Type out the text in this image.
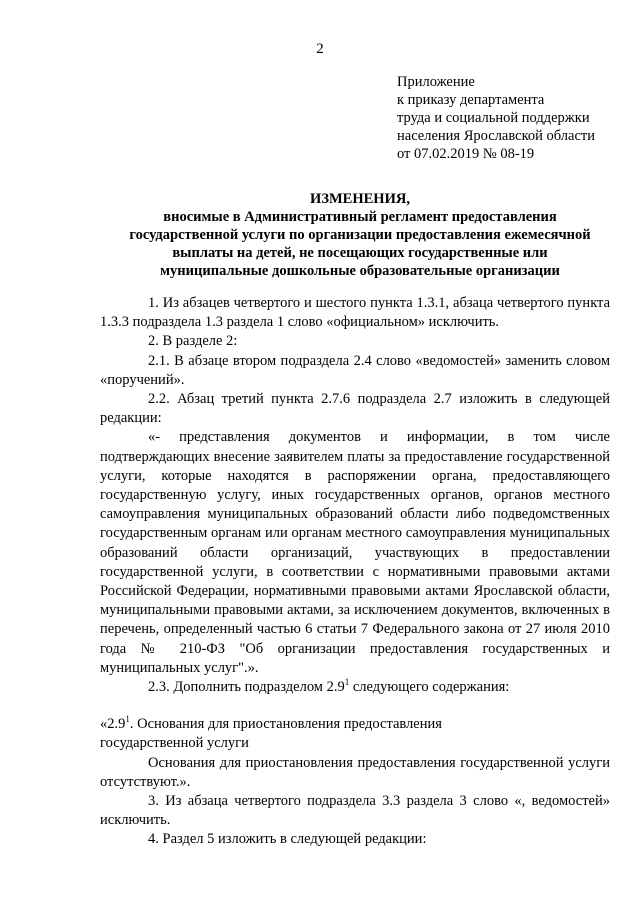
2
Приложение
к приказу департамента
труда и социальной поддержки
населения Ярославской области
от 07.02.2019 № 08-19
ИЗМЕНЕНИЯ,
вносимые в Административный регламент предоставления
государственной услуги по организации предоставления ежемесячной
выплаты на детей, не посещающих государственные или
муниципальные дошкольные образовательные организации

1. Из абзацев четвертого и шестого пункта 1.3.1, абзаца четвертого пункта 1.3.3 подраздела 1.3 раздела 1 слово «официальном» исключить.

2. В разделе 2:

2.1. В абзаце втором подраздела 2.4 слово «ведомостей» заменить словом «поручений».

2.2. Абзац третий пункта 2.7.6 подраздела 2.7 изложить в следующей редакции:

«- представления документов и информации, в том числе подтверждающих внесение заявителем платы за предоставление государственной услуги, которые находятся в распоряжении органа, предоставляющего государственную услугу, иных государственных органов, органов местного самоуправления муниципальных образований области либо подведомственных государственным органам или органам местного самоуправления муниципальных образований области организаций, участвующих в предоставлении государственной услуги, в соответствии с нормативными правовыми актами Российской Федерации, нормативными правовыми актами Ярославской области, муниципальными правовыми актами, за исключением документов, включенных в перечень, определенный частью 6 статьи 7 Федерального закона от 27 июля 2010 года № 210-ФЗ "Об организации предоставления государственных и муниципальных услуг".».

2.3. Дополнить подразделом $2.9^1$ следующего содержания:

«$2.9^1$. Основания для приостановления предоставления
государственной услуги

Основания для приостановления предоставления государственной услуги отсутствуют.».

3. Из абзаца четвертого подраздела 3.3 раздела 3 слово «, ведомостей» исключить.

4. Раздел 5 изложить в следующей редакции:
